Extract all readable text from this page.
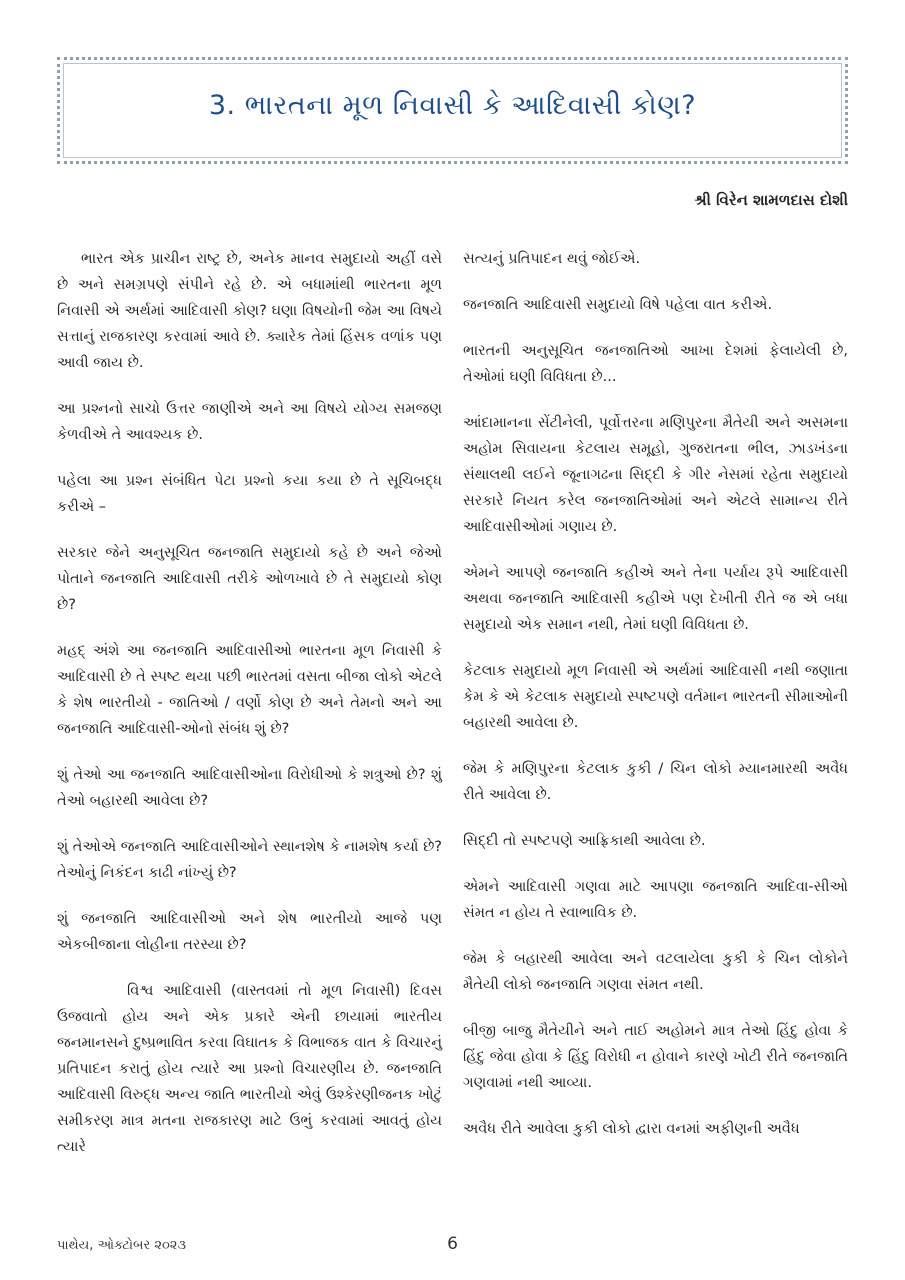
3. ભારતના મૂળ નિવાસી કે આદિવાસી કોણ?
શ્રી વિરેન શામળદાસ દોશી

ભારત એક પ્રાચીન રાષ્ટ્ર છે, અનેક માનવ સમુદાયો અહીં વસે છે અને સમગ્રપણે સંપીને રહે છે. એ બધામાંથી ભારતના મૂળ નિવાસી એ અર્થમાં આદિવાસી કોણ? ઘણા વિષયોની જેમ આ વિષયે સત્તાનું રાજકારણ કરવામાં આવે છે. ક્યારેક તેમાં હિંસક વળાંક પણ આવી જાય છે.

આ પ્રશ્નનો સાચો ઉત્તર જાણીએ અને આ વિષયે યોગ્ય સમજણ કેળવીએ તે આવશ્યક છે.

પહેલા આ પ્રશ્ન સંબંધિત પેટા પ્રશ્નો કયા કયા છે તે સૂચિબદ્ધ કરીએ –

સરકાર જેને અનુસૂચિત જનજાતિ સમુદાયો કહે છે અને જેઓ પોતાને જનજાતિ આદિવાસી તરીકે ઓળખાવે છે તે સમુદાયો કોણ છે?

મહદ્ અંશે આ જનજાતિ આદિવાસીઓ ભારતના મૂળ નિવાસી કે આદિવાસી છે તે સ્પષ્ટ થયા પછી ભારતમાં વસતા બીજા લોકો એટલે કે શેષ ભારતીયો - જાતિઓ / વર્ણો કોણ છે અને તેમનો અને આ જનજાતિ આદિવાસી-ઓનો સંબંધ શું છે?

શું તેઓ આ જનજાતિ આદિવાસીઓના વિરોધીઓ કે શત્રુઓ છે? શું તેઓ બહારથી આવેલા છે?

શું તેઓએ જનજાતિ આદિવાસીઓને સ્થાનશેષ કે નામશેષ કર્યા છે? તેઓનું નિકંદન કાઢી નાંખ્યું છે?

શું જનજાતિ આદિવાસીઓ અને શેષ ભારતીયો આજે પણ એકબીજાના લોહીના તરસ્યા છે?

વિશ્વ આદિવાસી (વાસ્તવમાં તો મૂળ નિવાસી) દિવસ ઉજવાતો હોય અને એક પ્રકારે એની છાયામાં ભારતીય જનમાનસને દુષ્પ્રભાવિત કરવા વિઘાતક કે વિભાજક વાત કે વિચારનું પ્રતિપાદન કરાતું હોય ત્યારે આ પ્રશ્નો વિચારણીય છે. જનજાતિ આદિવાસી વિરુદ્ધ અન્ય જાતિ ભારતીયો એવું ઉશ્કેરણીજનક ખોટું સમીકરણ માત્ર મતના રાજકારણ માટે ઉભું કરવામાં આવતું હોય ત્યારે

સત્યનું પ્રતિપાદન થવું જોઈએ.

જનજાતિ આદિવાસી સમુદાયો વિષે પહેલા વાત કરીએ.

ભારતની અનુસૂચિત જનજાતિઓ આખા દેશમાં ફેલાયેલી છે, તેઓમાં ઘણી વિવિધતા છે...

આંદામાનના સેંટીનેલી, પૂર્વોત્તરના મણિપુરના મૈતેયી અને અસમના અહોમ સિવાયના કેટલાય સમૂહો, ગુજરાતના ભીલ, ઝાડખંડના સંથાલથી લઈને જૂનાગઢના સિદ્દી કે ગીર નેસમાં રહેતા સમુદાયો સરકારે નિયત કરેલ જનજાતિઓમાં અને એટલે સામાન્ય રીતે આદિવાસીઓમાં ગણાય છે.

એમને આપણે જનજાતિ કહીએ અને તેના પર્યાય રૂપે આદિવાસી અથવા જનજાતિ આદિવાસી કહીએ પણ દેખીતી રીતે જ એ બધા સમુદાયો એક સમાન નથી, તેમાં ઘણી વિવિધતા છે.

કેટલાક સમુદાયો મૂળ નિવાસી એ અર્થમાં આદિવાસી નથી જણાતા કેમ કે એ કેટલાક સમુદાયો સ્પષ્ટપણે વર્તમાન ભારતની સીમાઓની બહારથી આવેલા છે.

જેમ કે મણિપુરના કેટલાક કુકી / ચિન લોકો મ્યાનમારથી અવૈધ રીતે આવેલા છે.

સિદ્દી તો સ્પષ્ટપણે આફ્રિકાથી આવેલા છે.

એમને આદિવાસી ગણવા માટે આપણા જનજાતિ આદિવા-સીઓ સંમત ન હોય તે સ્વાભાવિક છે.

જેમ કે બહારથી આવેલા અને વટલાયેલા કુકી કે ચિન લોકોને મૈતેયી લોકો જનજાતિ ગણવા સંમત નથી.

બીજી બાજુ મૈતેયીને અને તાઈ અહોમને માત્ર તેઓ હિંદુ હોવા કે હિંદુ જેવા હોવા કે હિંદુ વિરોધી ન હોવાને કારણે ખોટી રીતે જનજાતિ ગણવામાં નથી આવ્યા.

અવૈધ રીતે આવેલા કુકી લોકો દ્વારા વનમાં અફીણની અવૈધ

પાથેય, ઓક્ટોબર ૨૦૨૩	6
